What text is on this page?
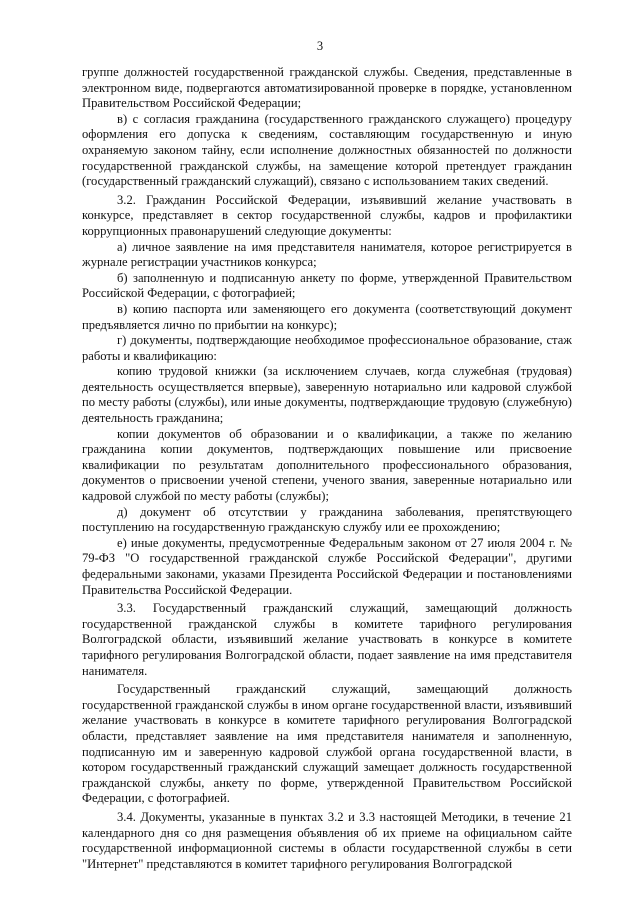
3

группе должностей государственной гражданской службы. Сведения, представленные в электронном виде, подвергаются автоматизированной проверке в порядке, установленном Правительством Российской Федерации;

в) с согласия гражданина (государственного гражданского служащего) процедуру оформления его допуска к сведениям, составляющим государственную и иную охраняемую законом тайну, если исполнение должностных обязанностей по должности государственной гражданской службы, на замещение которой претендует гражданин (государственный гражданский служащий), связано с использованием таких сведений.

3.2. Гражданин Российской Федерации, изъявивший желание участвовать в конкурсе, представляет в сектор государственной службы, кадров и профилактики коррупционных правонарушений следующие документы:

а) личное заявление на имя представителя нанимателя, которое регистрируется в журнале регистрации участников конкурса;

б) заполненную и подписанную анкету по форме, утвержденной Правительством Российской Федерации, с фотографией;

в) копию паспорта или заменяющего его документа (соответствующий документ предъявляется лично по прибытии на конкурс);

г) документы, подтверждающие необходимое профессиональное образование, стаж работы и квалификацию:

копию трудовой книжки (за исключением случаев, когда служебная (трудовая) деятельность осуществляется впервые), заверенную нотариально или кадровой службой по месту работы (службы), или иные документы, подтверждающие трудовую (служебную) деятельность гражданина;

копии документов об образовании и о квалификации, а также по желанию гражданина копии документов, подтверждающих повышение или присвоение квалификации по результатам дополнительного профессионального образования, документов о присвоении ученой степени, ученого звания, заверенные нотариально или кадровой службой по месту работы (службы);

д) документ об отсутствии у гражданина заболевания, препятствующего поступлению на государственную гражданскую службу или ее прохождению;

е) иные документы, предусмотренные Федеральным законом от 27 июля 2004 г. № 79-ФЗ "О государственной гражданской службе Российской Федерации", другими федеральными законами, указами Президента Российской Федерации и постановлениями Правительства Российской Федерации.

3.3. Государственный гражданский служащий, замещающий должность государственной гражданской службы в комитете тарифного регулирования Волгоградской области, изъявивший желание участвовать в конкурсе в комитете тарифного регулирования Волгоградской области, подает заявление на имя представителя нанимателя.

Государственный гражданский служащий, замещающий должность государственной гражданской службы в ином органе государственной власти, изъявивший желание участвовать в конкурсе в комитете тарифного регулирования Волгоградской области, представляет заявление на имя представителя нанимателя и заполненную, подписанную им и заверенную кадровой службой органа государственной власти, в котором государственный гражданский служащий замещает должность государственной гражданской службы, анкету по форме, утвержденной Правительством Российской Федерации, с фотографией.

3.4. Документы, указанные в пунктах 3.2 и 3.3 настоящей Методики, в течение 21 календарного дня со дня размещения объявления об их приеме на официальном сайте государственной информационной системы в области государственной службы в сети "Интернет" представляются в комитет тарифного регулирования Волгоградской
